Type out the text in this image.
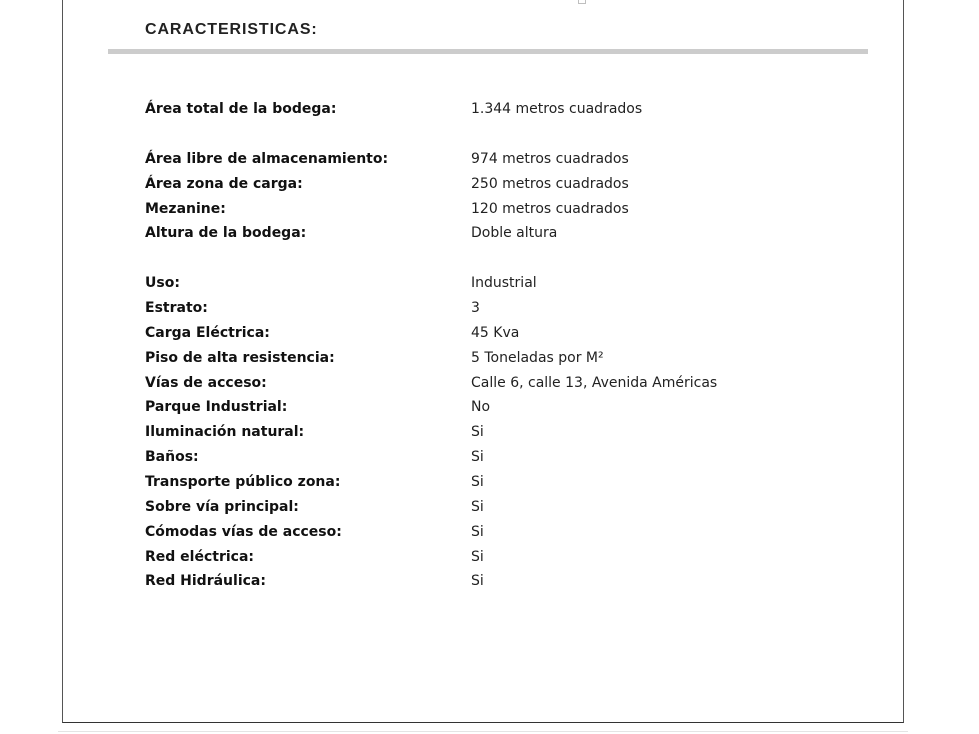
CARACTERISTICAS:
Área total de la bodega:	1.344 metros cuadrados
Área libre de almacenamiento:	974 metros cuadrados
Área zona de carga:	250 metros cuadrados
Mezanine:	120 metros cuadrados
Altura de la bodega:	Doble altura
Uso:	Industrial
Estrato:	3
Carga Eléctrica:	45 Kva
Piso de alta resistencia:	5 Toneladas por M²
Vías de acceso:	Calle 6, calle 13, Avenida Américas
Parque Industrial:	No
Iluminación natural:	Si
Baños:	Si
Transporte público zona:	Si
Sobre vía principal:	Si
Cómodas vías de acceso:	Si
Red eléctrica:	Si
Red Hidráulica:	Si
